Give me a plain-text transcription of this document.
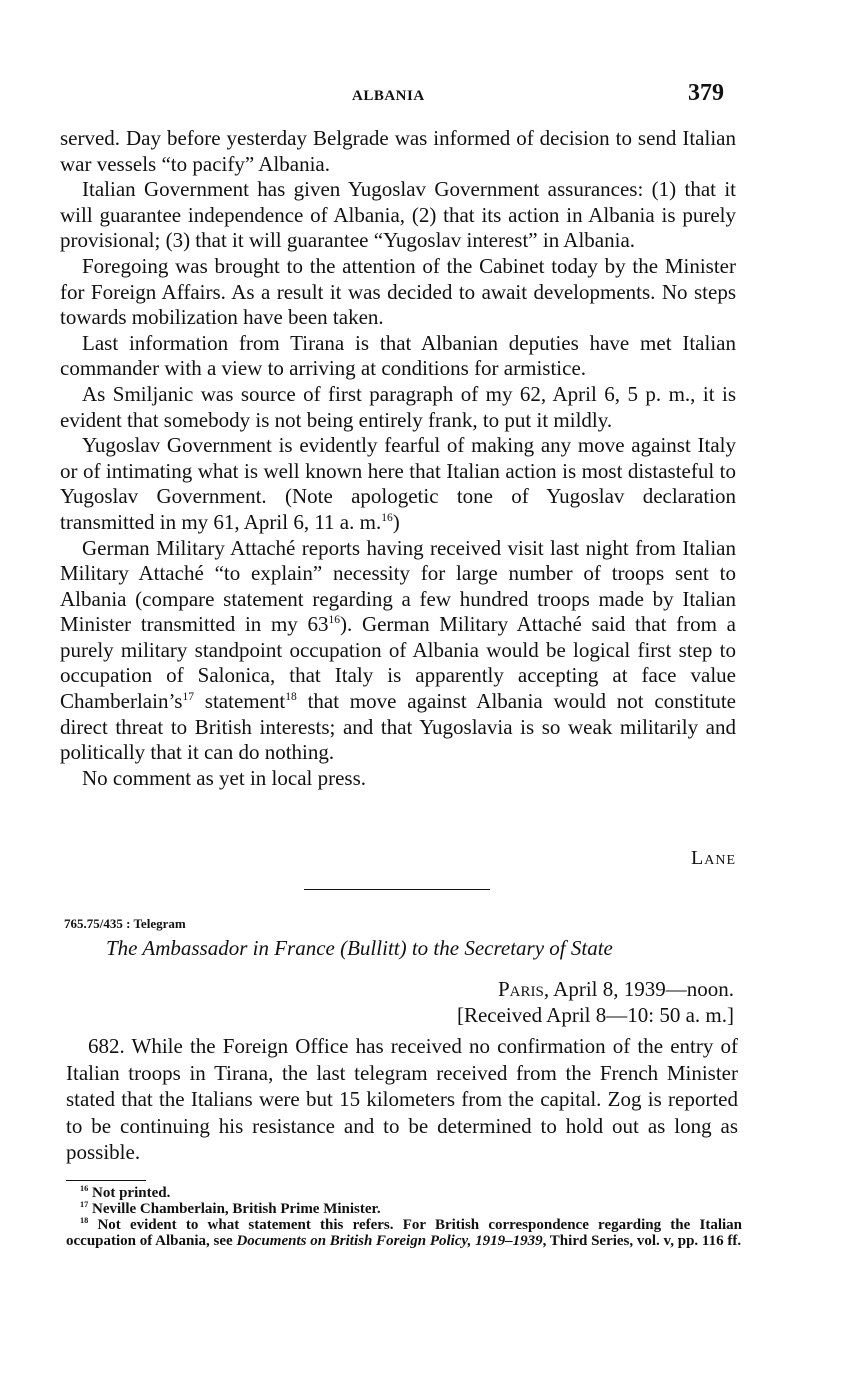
ALBANIA	379

served. Day before yesterday Belgrade was informed of decision to send Italian war vessels “to pacify” Albania.

Italian Government has given Yugoslav Government assurances: (1) that it will guarantee independence of Albania, (2) that its action in Albania is purely provisional; (3) that it will guarantee “Yugoslav interest” in Albania.

Foregoing was brought to the attention of the Cabinet today by the Minister for Foreign Affairs. As a result it was decided to await developments. No steps towards mobilization have been taken.

Last information from Tirana is that Albanian deputies have met Italian commander with a view to arriving at conditions for armistice.

As Smiljanic was source of first paragraph of my 62, April 6, 5 p. m., it is evident that somebody is not being entirely frank, to put it mildly.

Yugoslav Government is evidently fearful of making any move against Italy or of intimating what is well known here that Italian action is most distasteful to Yugoslav Government. (Note apologetic tone of Yugoslav declaration transmitted in my 61, April 6, 11 a. m.$^{16}$)

German Military Attaché reports having received visit last night from Italian Military Attaché “to explain” necessity for large number of troops sent to Albania (compare statement regarding a few hundred troops made by Italian Minister transmitted in my $63^{16}$). German Military Attaché said that from a purely military standpoint occupation of Albania would be logical first step to occupation of Salonica, that Italy is apparently accepting at face value $Chamberlain’s^{17}$ statement$^{18}$ that move against Albania would not constitute direct threat to British interests; and that Yugoslavia is so weak militarily and politically that it can do nothing.

No comment as yet in local press.

Lane
765.75/435 : Telegram
The Ambassador in France (Bullitt) to the Secretary of State
Paris, April 8, 1939—noon.
[Received April 8—10: 50 a. m.]

682. While the Foreign Office has received no confirmation of the entry of Italian troops in Tirana, the last telegram received from the French Minister stated that the Italians were but 15 kilometers from the capital. Zog is reported to be continuing his resistance and to be determined to hold out as long as possible.

$^{16}$ Not printed.

$^{17}$ Neville Chamberlain, British Prime Minister.

$^{18}$ Not evident to what statement this refers. For British correspondence regarding the Italian occupation of Albania, see Documents on British Foreign Policy, 1919–1939, Third Series, vol. v, pp. 116 ff.
